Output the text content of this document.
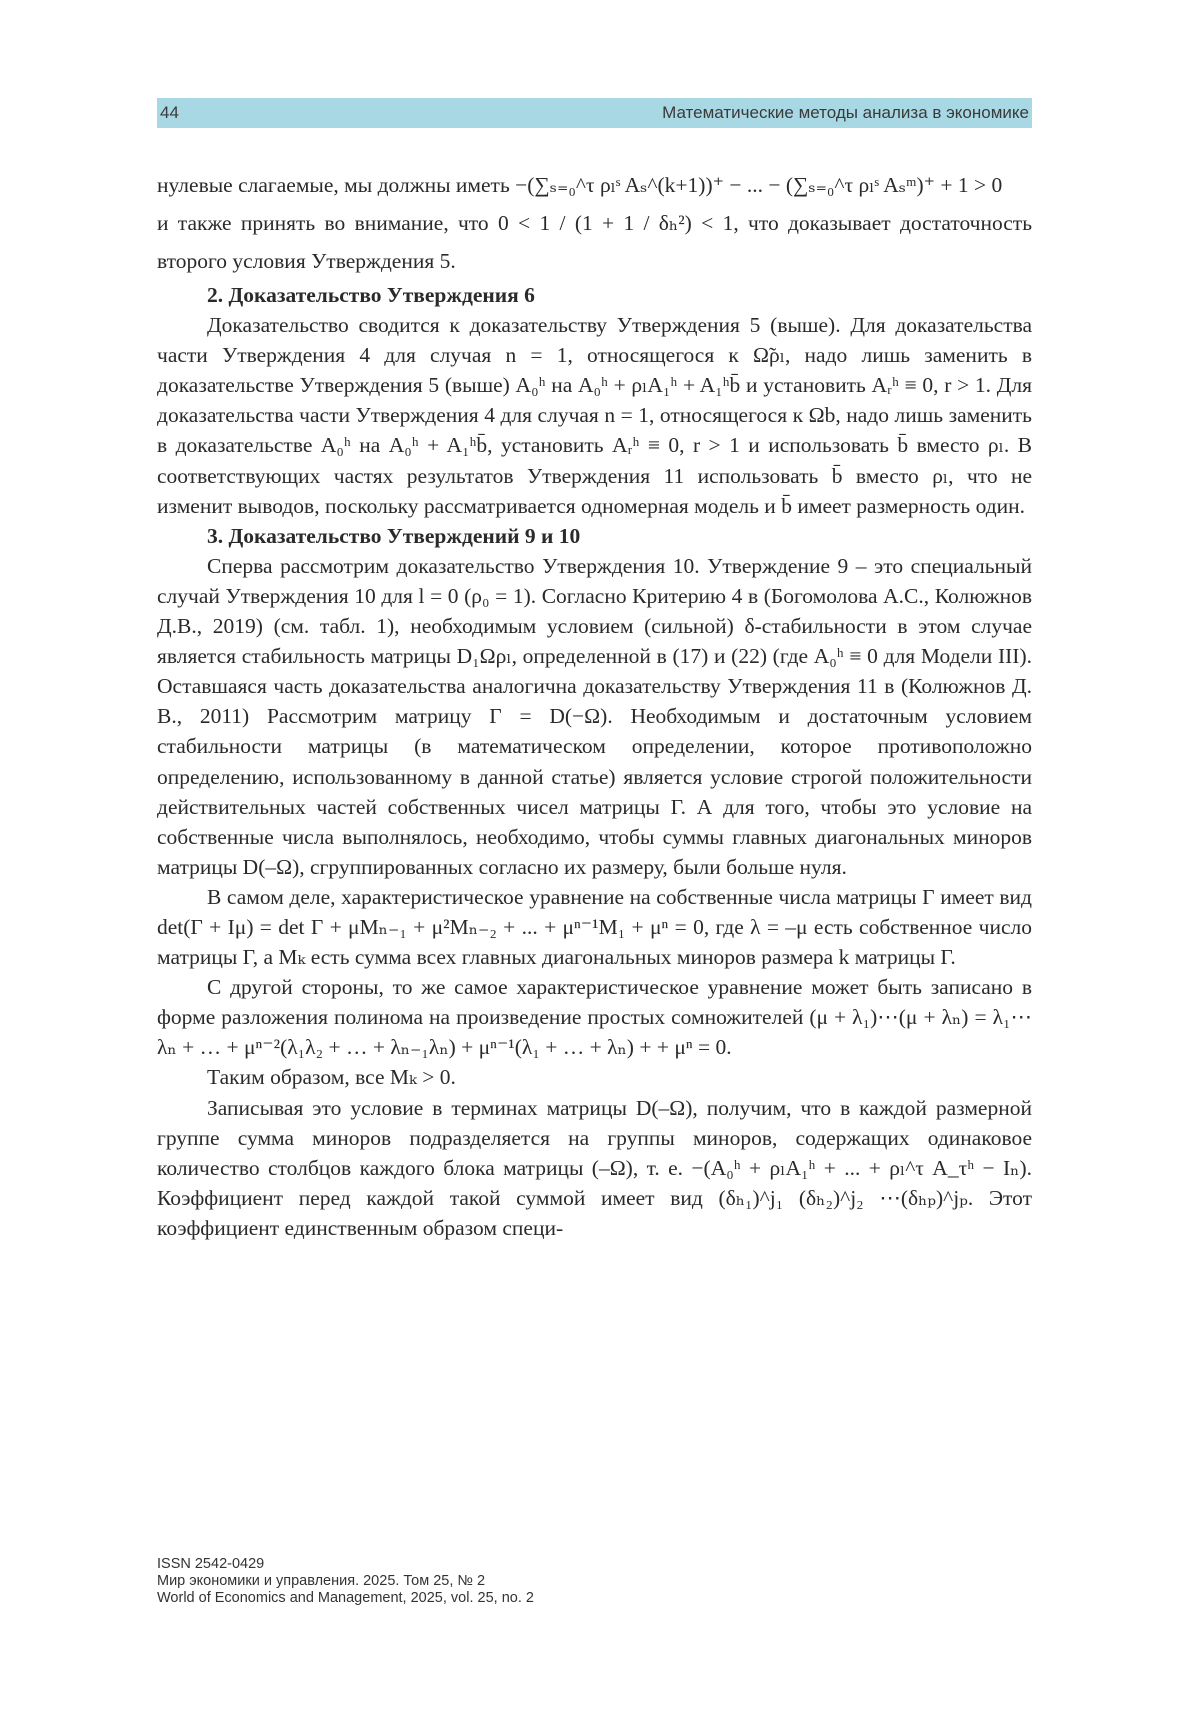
44	Математические методы анализа в экономике

нулевые слагаемые, мы должны иметь −(∑ₛ₌₀^τ ρₗˢ Aₛ^(k+1))⁺ − ... − (∑ₛ₌₀^τ ρₗˢ Aₛᵐ)⁺ + 1 > 0

и также принять во внимание, что 0 < 1 / (1 + 1 / δₕ²) < 1, что доказывает достаточность второго условия Утверждения 5.

2. Доказательство Утверждения 6

Доказательство сводится к доказательству Утверждения 5 (выше). Для доказательства части Утверждения 4 для случая n = 1, относящегося к Ω̃ρₗ, надо лишь заменить в доказательстве Утверждения 5 (выше) A₀ʰ на A₀ʰ + ρₗA₁ʰ + A₁ʰb̄ и установить Aᵣʰ ≡ 0, r > 1. Для доказательства части Утверждения 4 для случая n = 1, относящегося к Ωb, надо лишь заменить в доказательстве A₀ʰ на A₀ʰ + A₁ʰb̄, установить Aᵣʰ ≡ 0, r > 1 и использовать b̄ вместо ρₗ. В соответствующих частях результатов Утверждения 11 использовать b̄ вместо ρₗ, что не изменит выводов, поскольку рассматривается одномерная модель и b̄ имеет размерность один.

3. Доказательство Утверждений 9 и 10

Сперва рассмотрим доказательство Утверждения 10. Утверждение 9 – это специальный случай Утверждения 10 для l = 0 (ρ₀ = 1). Согласно Критерию 4 в (Богомолова А.С., Колюжнов Д.В., 2019) (см. табл. 1), необходимым условием (сильной) δ-стабильности в этом случае является стабильность матрицы D₁Ωρₗ, определенной в (17) и (22) (где A₀ʰ ≡ 0 для Модели III). Оставшаяся часть доказательства аналогична доказательству Утверждения 11 в (Колюжнов Д. В., 2011) Рассмотрим матрицу Γ = D(−Ω). Необходимым и достаточным условием стабильности матрицы (в математическом определении, которое противоположно определению, использованному в данной статье) является условие строгой положительности действительных частей собственных чисел матрицы Г. А для того, чтобы это условие на собственные числа выполнялось, необходимо, чтобы суммы главных диагональных миноров матрицы D(–Ω), сгруппированных согласно их размеру, были больше нуля.

В самом деле, характеристическое уравнение на собственные числа матрицы Г имеет вид det(Γ + Iμ) = det Γ + μMₙ₋₁ + μ²Mₙ₋₂ + ... + μⁿ⁻¹M₁ + μⁿ = 0, где λ = –μ есть собственное число матрицы Г, а Mₖ есть сумма всех главных диагональных миноров размера k матрицы Г.

С другой стороны, то же самое характеристическое уравнение может быть записано в форме разложения полинома на произведение простых сомножителей (μ + λ₁)⋯(μ + λₙ) = λ₁⋯λₙ + … + μⁿ⁻²(λ₁λ₂ + … + λₙ₋₁λₙ) + μⁿ⁻¹(λ₁ + … + λₙ) + + μⁿ = 0.

Таким образом, все Mₖ > 0.

Записывая это условие в терминах матрицы D(–Ω), получим, что в каждой размерной группе сумма миноров подразделяется на группы миноров, содержащих одинаковое количество столбцов каждого блока матрицы (–Ω), т. е. −(A₀ʰ + ρₗA₁ʰ + ... + ρₗ^τ A_τʰ − Iₙ). Коэффициент перед каждой такой суммой имеет вид (δₕ₁)^j₁ (δₕ₂)^j₂ ⋯(δₕₚ)^jₚ. Этот коэффициент единственным образом специ-

ISSN 2542-0429
Мир экономики и управления. 2025. Том 25, № 2
World of Economics and Management, 2025, vol. 25, no. 2
